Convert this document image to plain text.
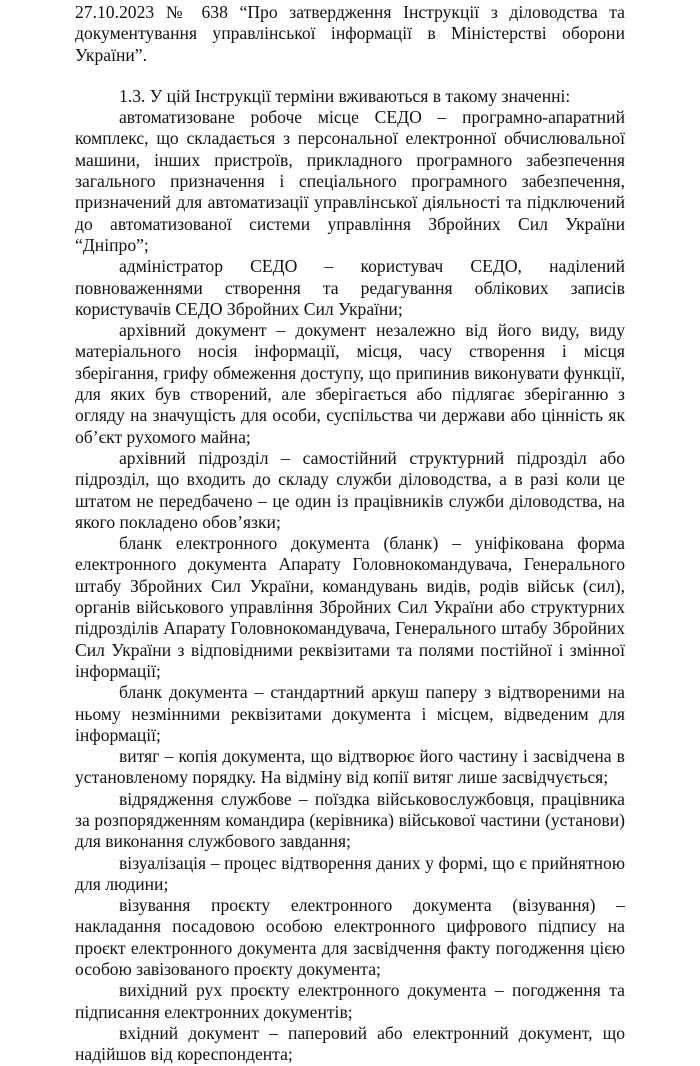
27.10.2023 № 638 “Про затвердження Інструкції з діловодства та документування управлінської інформації в Міністерстві оборони України”.

1.3. У цій Інструкції терміни вживаються в такому значенні:

автоматизоване робоче місце СЕДО – програмно-апаратний комплекс, що складається з персональної електронної обчислювальної машини, інших пристроїв, прикладного програмного забезпечення загального призначення і спеціального програмного забезпечення, призначений для автоматизації управлінської діяльності та підключений до автоматизованої системи управління Збройних Сил України “Дніпро”;

адміністратор СЕДО – користувач СЕДО, наділений повноваженнями створення та редагування облікових записів користувачів СЕДО Збройних Сил України;

архівний документ – документ незалежно від його виду, виду матеріального носія інформації, місця, часу створення і місця зберігання, грифу обмеження доступу, що припинив виконувати функції, для яких був створений, але зберігається або підлягає зберіганню з огляду на значущість для особи, суспільства чи держави або цінність як об’єкт рухомого майна;

архівний підрозділ – самостійний структурний підрозділ або підрозділ, що входить до складу служби діловодства, а в разі коли це штатом не передбачено – це один із працівників служби діловодства, на якого покладено обов’язки;

бланк електронного документа (бланк) – уніфікована форма електронного документа Апарату Головнокомандувача, Генерального штабу Збройних Сил України, командувань видів, родів військ (сил), органів військового управління Збройних Сил України або структурних підрозділів Апарату Головнокомандувача, Генерального штабу Збройних Сил України з відповідними реквізитами та полями постійної і змінної інформації;

бланк документа – стандартний аркуш паперу з відтвореними на ньому незмінними реквізитами документа і місцем, відведеним для інформації;

витяг – копія документа, що відтворює його частину і засвідчена в установленому порядку. На відміну від копії витяг лише засвідчується;

відрядження службове – поїздка військовослужбовця, працівника за розпорядженням командира (керівника) військової частини (установи) для виконання службового завдання;

візуалізація – процес відтворення даних у формі, що є прийнятною для людини;

візування проєкту електронного документа (візування) – накладання посадовою особою електронного цифрового підпису на проєкт електронного документа для засвідчення факту погодження цією особою завізованого проєкту документа;

вихідний рух проєкту електронного документа – погодження та підписання електронних документів;

вхідний документ – паперовий або електронний документ, що надійшов від кореспондента;
